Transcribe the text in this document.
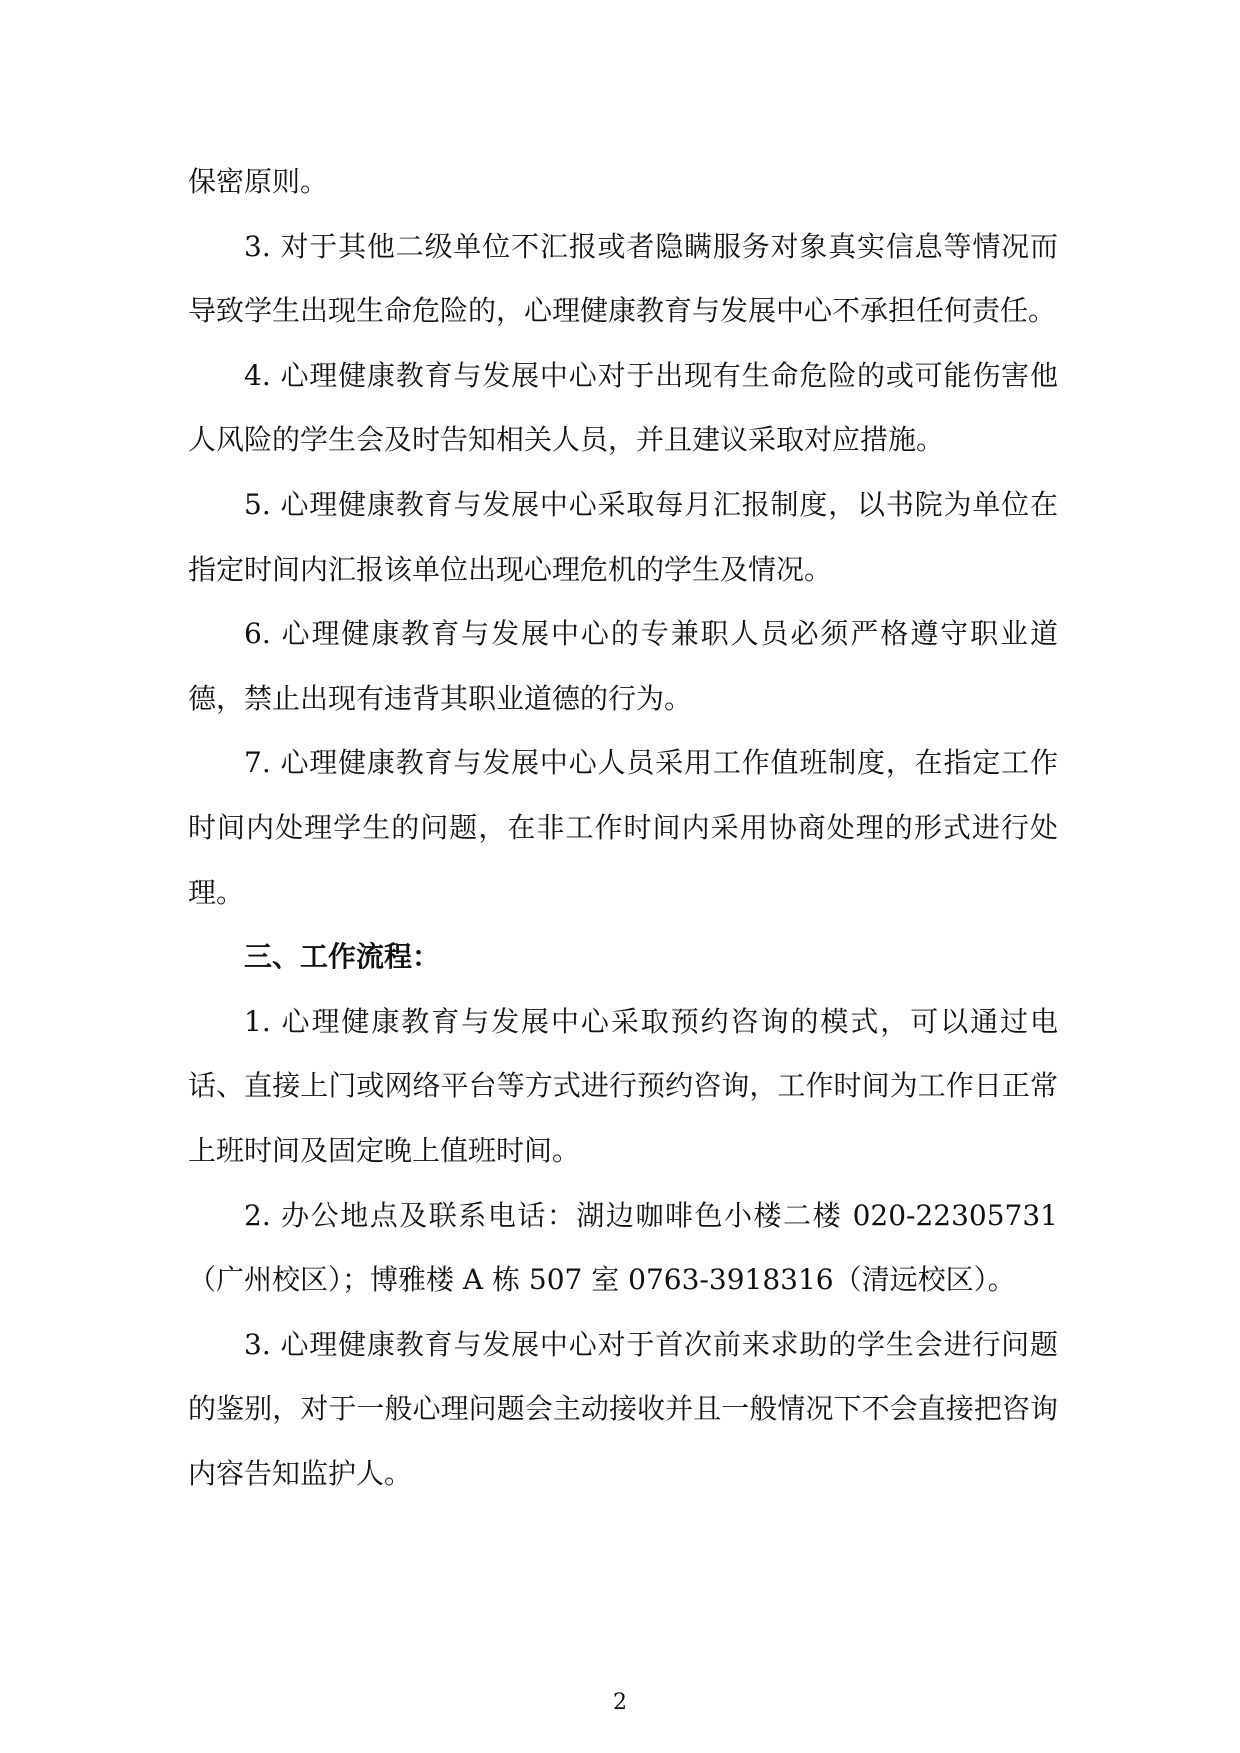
保密原则。

3. 对于其他二级单位不汇报或者隐瞒服务对象真实信息等情况而导致学生出现生命危险的，心理健康教育与发展中心不承担任何责任。

4. 心理健康教育与发展中心对于出现有生命危险的或可能伤害他人风险的学生会及时告知相关人员，并且建议采取对应措施。

5. 心理健康教育与发展中心采取每月汇报制度，以书院为单位在指定时间内汇报该单位出现心理危机的学生及情况。

6. 心理健康教育与发展中心的专兼职人员必须严格遵守职业道德，禁止出现有违背其职业道德的行为。

7. 心理健康教育与发展中心人员采用工作值班制度，在指定工作时间内处理学生的问题，在非工作时间内采用协商处理的形式进行处理。

三、工作流程：

1. 心理健康教育与发展中心采取预约咨询的模式，可以通过电话、直接上门或网络平台等方式进行预约咨询，工作时间为工作日正常上班时间及固定晚上值班时间。

2. 办公地点及联系电话：湖边咖啡色小楼二楼 020-22305731（广州校区）；博雅楼 A 栋 507 室 0763-3918316（清远校区）。

3. 心理健康教育与发展中心对于首次前来求助的学生会进行问题的鉴别，对于一般心理问题会主动接收并且一般情况下不会直接把咨询内容告知监护人。

2
